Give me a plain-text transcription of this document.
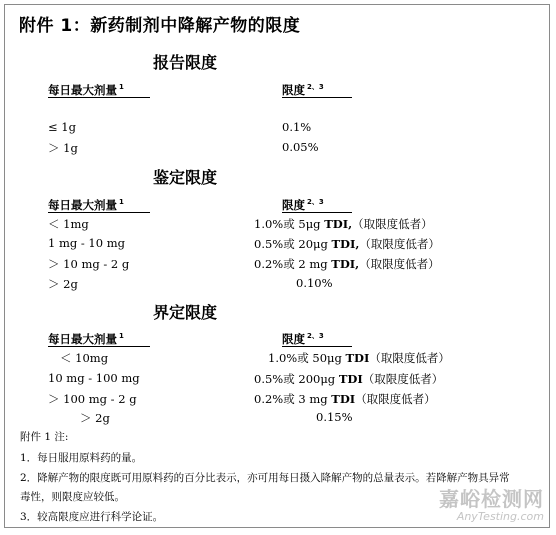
附件 1：新药制剂中降解产物的限度
报告限度
每日最大剂量 $^1$	限度 $^{2、3}$
≤ 1g	0.1%
＞ 1g	0.05%
鉴定限度
每日最大剂量 $^1$	限度 $^{2、3}$
＜ 1mg	1.0%或 5μg TDI,（取限度低者）
1 mg - 10 mg	0.5%或 20μg TDI,（取限度低者）
＞ 10 mg - 2 g	0.2%或 2 mg TDI,（取限度低者）
＞ 2g	0.10%
界定限度
每日最大剂量 $^1$	限度 $^{2、3}$
＜ 10mg	1.0%或 50μg TDI（取限度低者）
10 mg - 100 mg	0.5%或 200μg TDI（取限度低者）
＞ 100 mg - 2 g	0.2%或 3 mg TDI（取限度低者）
＞ 2g	0.15%
附件 1 注:
1．每日服用原料药的量。
2．降解产物的限度既可用原料药的百分比表示，亦可用每日摄入降解产物的总量表示。若降解产物具异常
毒性，则限度应较低。
3．较高限度应进行科学论证。
嘉峪检测网
AnyTesting.com
